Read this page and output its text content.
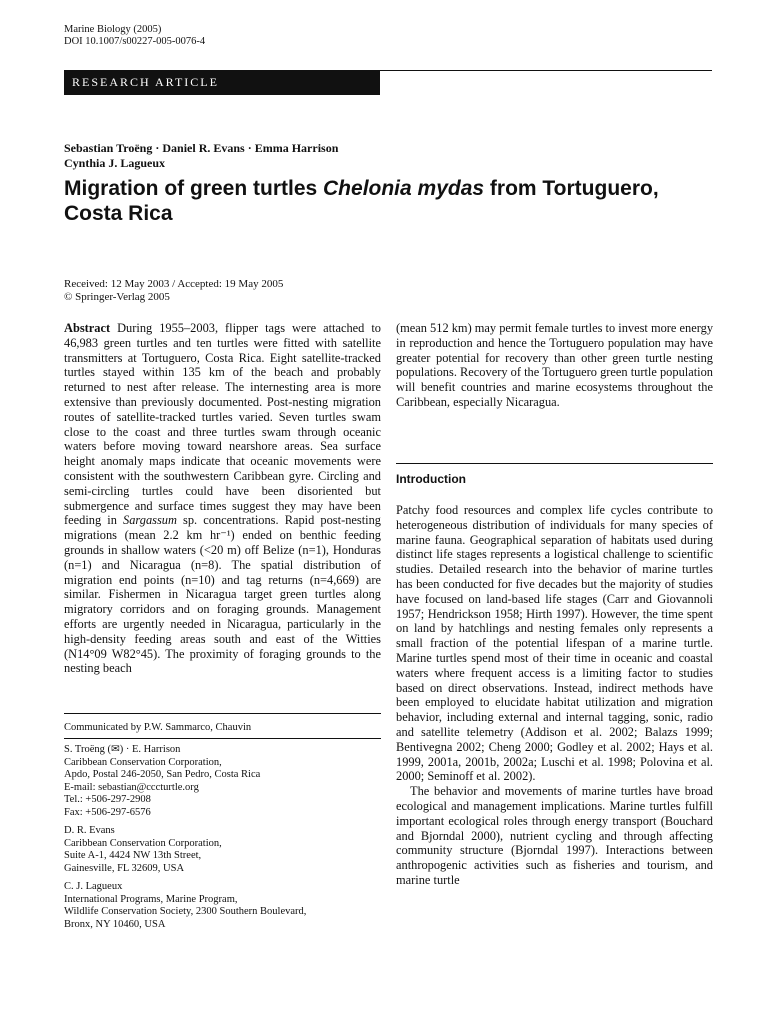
Marine Biology (2005)
DOI 10.1007/s00227-005-0076-4
RESEARCH ARTICLE
Sebastian Troëng · Daniel R. Evans · Emma Harrison
Cynthia J. Lagueux
Migration of green turtles Chelonia mydas from Tortuguero,
Costa Rica
Received: 12 May 2003 / Accepted: 19 May 2005
© Springer-Verlag 2005

Abstract During 1955–2003, flipper tags were attached to 46,983 green turtles and ten turtles were fitted with satellite transmitters at Tortuguero, Costa Rica. Eight satellite-tracked turtles stayed within 135 km of the beach and probably returned to nest after release. The internesting area is more extensive than previously documented. Post-nesting migration routes of satellite-tracked turtles varied. Seven turtles swam close to the coast and three turtles swam through oceanic waters before moving toward nearshore areas. Sea surface height anomaly maps indicate that oceanic movements were consistent with the southwestern Caribbean gyre. Circling and semi-circling turtles could have been disoriented but submergence and surface times suggest they may have been feeding in Sargassum sp. concentrations. Rapid post-nesting migrations (mean 2.2 km hr⁻¹) ended on benthic feeding grounds in shallow waters (<20 m) off Belize (n=1), Honduras (n=1) and Nicaragua (n=8). The spatial distribution of migration end points (n=10) and tag returns (n=4,669) are similar. Fishermen in Nicaragua target green turtles along migratory corridors and on foraging grounds. Management efforts are urgently needed in Nicaragua, particularly in the high-density feeding areas south and east of the Witties (N14°09 W82°45). The proximity of foraging grounds to the nesting beach

Communicated by P.W. Sammarco, Chauvin
S. Troëng (✉) · E. Harrison
Caribbean Conservation Corporation,
Apdo, Postal 246-2050, San Pedro, Costa Rica
E-mail: sebastian@cccturtle.org
Tel.: +506-297-2908
Fax: +506-297-6576
D. R. Evans
Caribbean Conservation Corporation,
Suite A-1, 4424 NW 13th Street,
Gainesville, FL 32609, USA
C. J. Lagueux
International Programs, Marine Program,
Wildlife Conservation Society, 2300 Southern Boulevard,
Bronx, NY 10460, USA
(mean 512 km) may permit female turtles to invest more energy in reproduction and hence the Tortuguero population may have greater potential for recovery than other green turtle nesting populations. Recovery of the Tortuguero green turtle population will benefit countries and marine ecosystems throughout the Caribbean, especially Nicaragua.
Introduction

Patchy food resources and complex life cycles contribute to heterogeneous distribution of individuals for many species of marine fauna. Geographical separation of habitats used during distinct life stages represents a logistical challenge to scientific studies. Detailed research into the behavior of marine turtles has been conducted for five decades but the majority of studies have focused on land-based life stages (Carr and Giovannoli 1957; Hendrickson 1958; Hirth 1997). However, the time spent on land by hatchlings and nesting females only represents a small fraction of the potential lifespan of a marine turtle. Marine turtles spend most of their time in oceanic and coastal waters where frequent access is a limiting factor to studies based on direct observations. Instead, indirect methods have been employed to elucidate habitat utilization and migration behavior, including external and internal tagging, sonic, radio and satellite telemetry (Addison et al. 2002; Balazs 1999; Bentivegna 2002; Cheng 2000; Godley et al. 2002; Hays et al. 1999, 2001a, 2001b, 2002a; Luschi et al. 1998; Polovina et al. 2000; Seminoff et al. 2002).

The behavior and movements of marine turtles have broad ecological and management implications. Marine turtles fulfill important ecological roles through energy transport (Bouchard and Bjorndal 2000), nutrient cycling and through affecting community structure (Bjorndal 1997). Interactions between anthropogenic activities such as fisheries and tourism, and marine turtle
